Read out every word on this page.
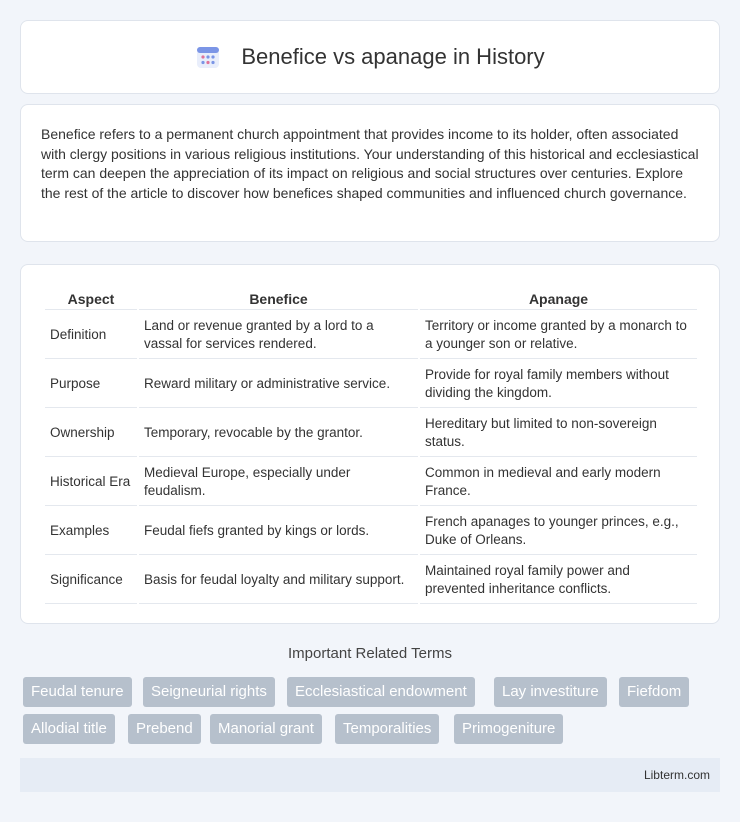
Benefice vs apanage in History

Benefice refers to a permanent church appointment that provides income to its holder, often associated with clergy positions in various religious institutions. Your understanding of this historical and ecclesiastical term can deepen the appreciation of its impact on religious and social structures over centuries. Explore the rest of the article to discover how benefices shaped communities and influenced church governance.

Aspect	Benefice	Apanage
Definition	Land or revenue granted by a lord to a vassal for services rendered.	Territory or income granted by a monarch to a younger son or relative.
Purpose	Reward military or administrative service.	Provide for royal family members without dividing the kingdom.
Ownership	Temporary, revocable by the grantor.	Hereditary but limited to non-sovereign status.
Historical Era	Medieval Europe, especially under feudalism.	Common in medieval and early modern France.
Examples	Feudal fiefs granted by kings or lords.	French apanages to younger princes, e.g., Duke of Orleans.
Significance	Basis for feudal loyalty and military support.	Maintained royal family power and prevented inheritance conflicts.
Important Related Terms
Feudal tenure	Seigneurial rights	Ecclesiastical endowment	Lay investiture	Fiefdom
Allodial title	Prebend	Manorial grant	Temporalities	Primogeniture
Libterm.com
